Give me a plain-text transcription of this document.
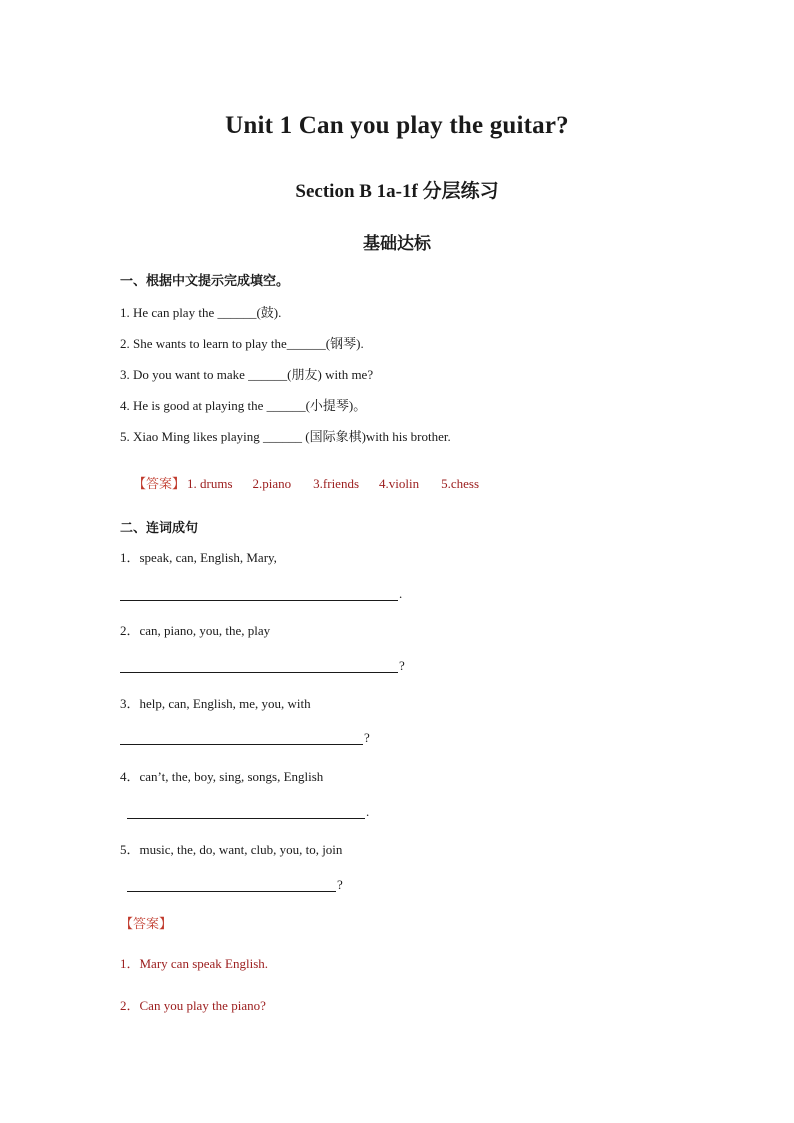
Unit 1 Can you play the guitar?
Section B 1a-1f 分层练习
基础达标
一、根据中文提示完成填空。
1. He can play the ______(鼓).
2. She wants to learn to play the______(钢琴).
3. Do you want to make ______(朋友) with me?
4. He is good at playing the ______(小提琴)。
5. Xiao Ming likes playing ______ (国际象棋)with his brother.

【答案】 1. drums 2.piano 3.friends 4.violin 5.chess

二、连词成句
1．speak, can, English, Mary,
.
2．can, piano, you, the, play
?
3．help, can, English, me, you, with
?
4．can’t, the, boy, sing, songs, English
.
5．music, the, do, want, club, you, to, join
?
【答案】
1．Mary can speak English.
2．Can you play the piano?
